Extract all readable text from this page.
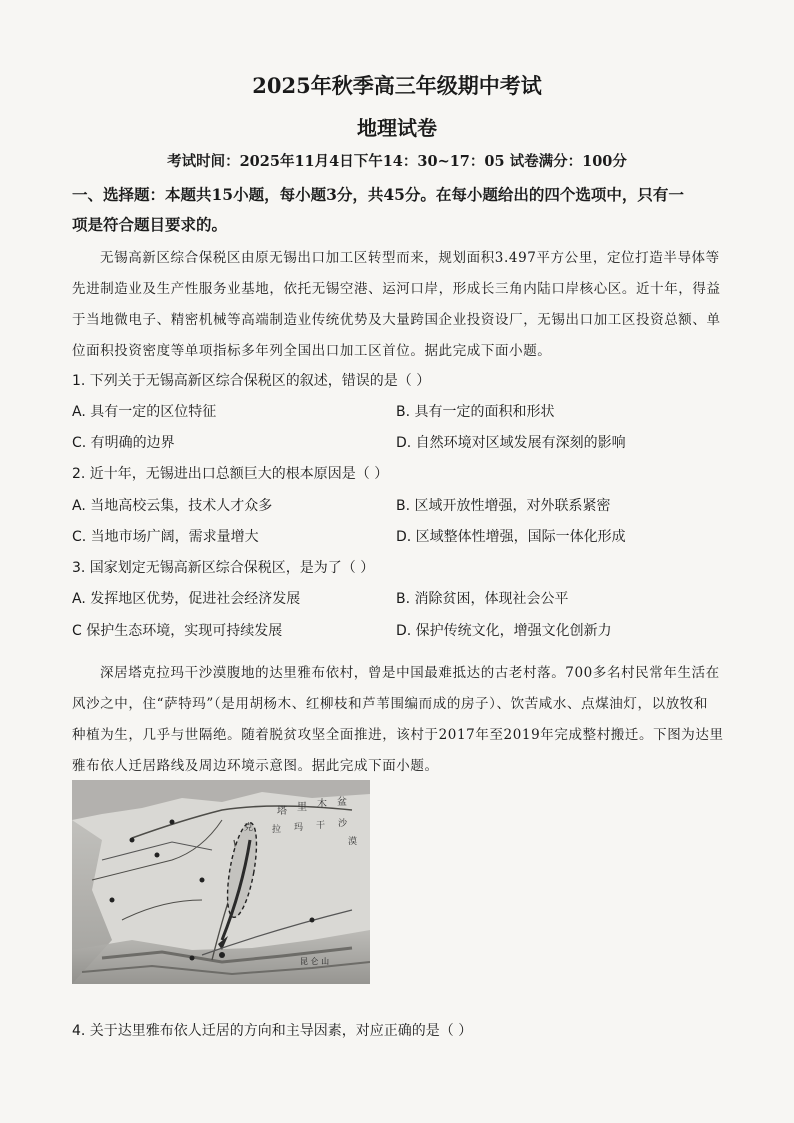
2025年秋季高三年级期中考试
地理试卷
考试时间：2025年11月4日下午14：30~17：05 试卷满分：100分
一、选择题：本题共15小题，每小题3分，共45分。在每小题给出的四个选项中，只有一
项是符合题目要求的。
无锡高新区综合保税区由原无锡出口加工区转型而来，规划面积3.497平方公里，定位打造半导体等
先进制造业及生产性服务业基地，依托无锡空港、运河口岸，形成长三角内陆口岸核心区。近十年，得益
于当地微电子、精密机械等高端制造业传统优势及大量跨国企业投资设厂，无锡出口加工区投资总额、单
位面积投资密度等单项指标多年列全国出口加工区首位。据此完成下面小题。
1. 下列关于无锡高新区综合保税区的叙述，错误的是（ ）
A. 具有一定的区位特征	B. 具有一定的面积和形状
C. 有明确的边界	D. 自然环境对区域发展有深刻的影响
2. 近十年，无锡进出口总额巨大的根本原因是（ ）
A. 当地高校云集，技术人才众多	B. 区域开放性增强，对外联系紧密
C. 当地市场广阔，需求量增大	D. 区域整体性增强，国际一体化形成
3. 国家划定无锡高新区综合保税区，是为了（ ）
A. 发挥地区优势，促进社会经济发展	B. 消除贫困，体现社会公平
C 保护生态环境，实现可持续发展	D. 保护传统文化，增强文化创新力
深居塔克拉玛干沙漠腹地的达里雅布依村，曾是中国最难抵达的古老村落。700多名村民常年生活在
风沙之中，住“萨特玛”（是用胡杨木、红柳枝和芦苇围编而成的房子）、饮苦咸水、点煤油灯，以放牧和
种植为生，几乎与世隔绝。随着脱贫攻坚全面推进，该村于2017年至2019年完成整村搬迁。下图为达里
雅布依人迁居路线及周边环境示意图。据此完成下面小题。
塔 里 木 盆
克 拉 玛 干 沙
漠
昆 仑 山
4. 关于达里雅布依人迁居的方向和主导因素，对应正确的是（ ）
